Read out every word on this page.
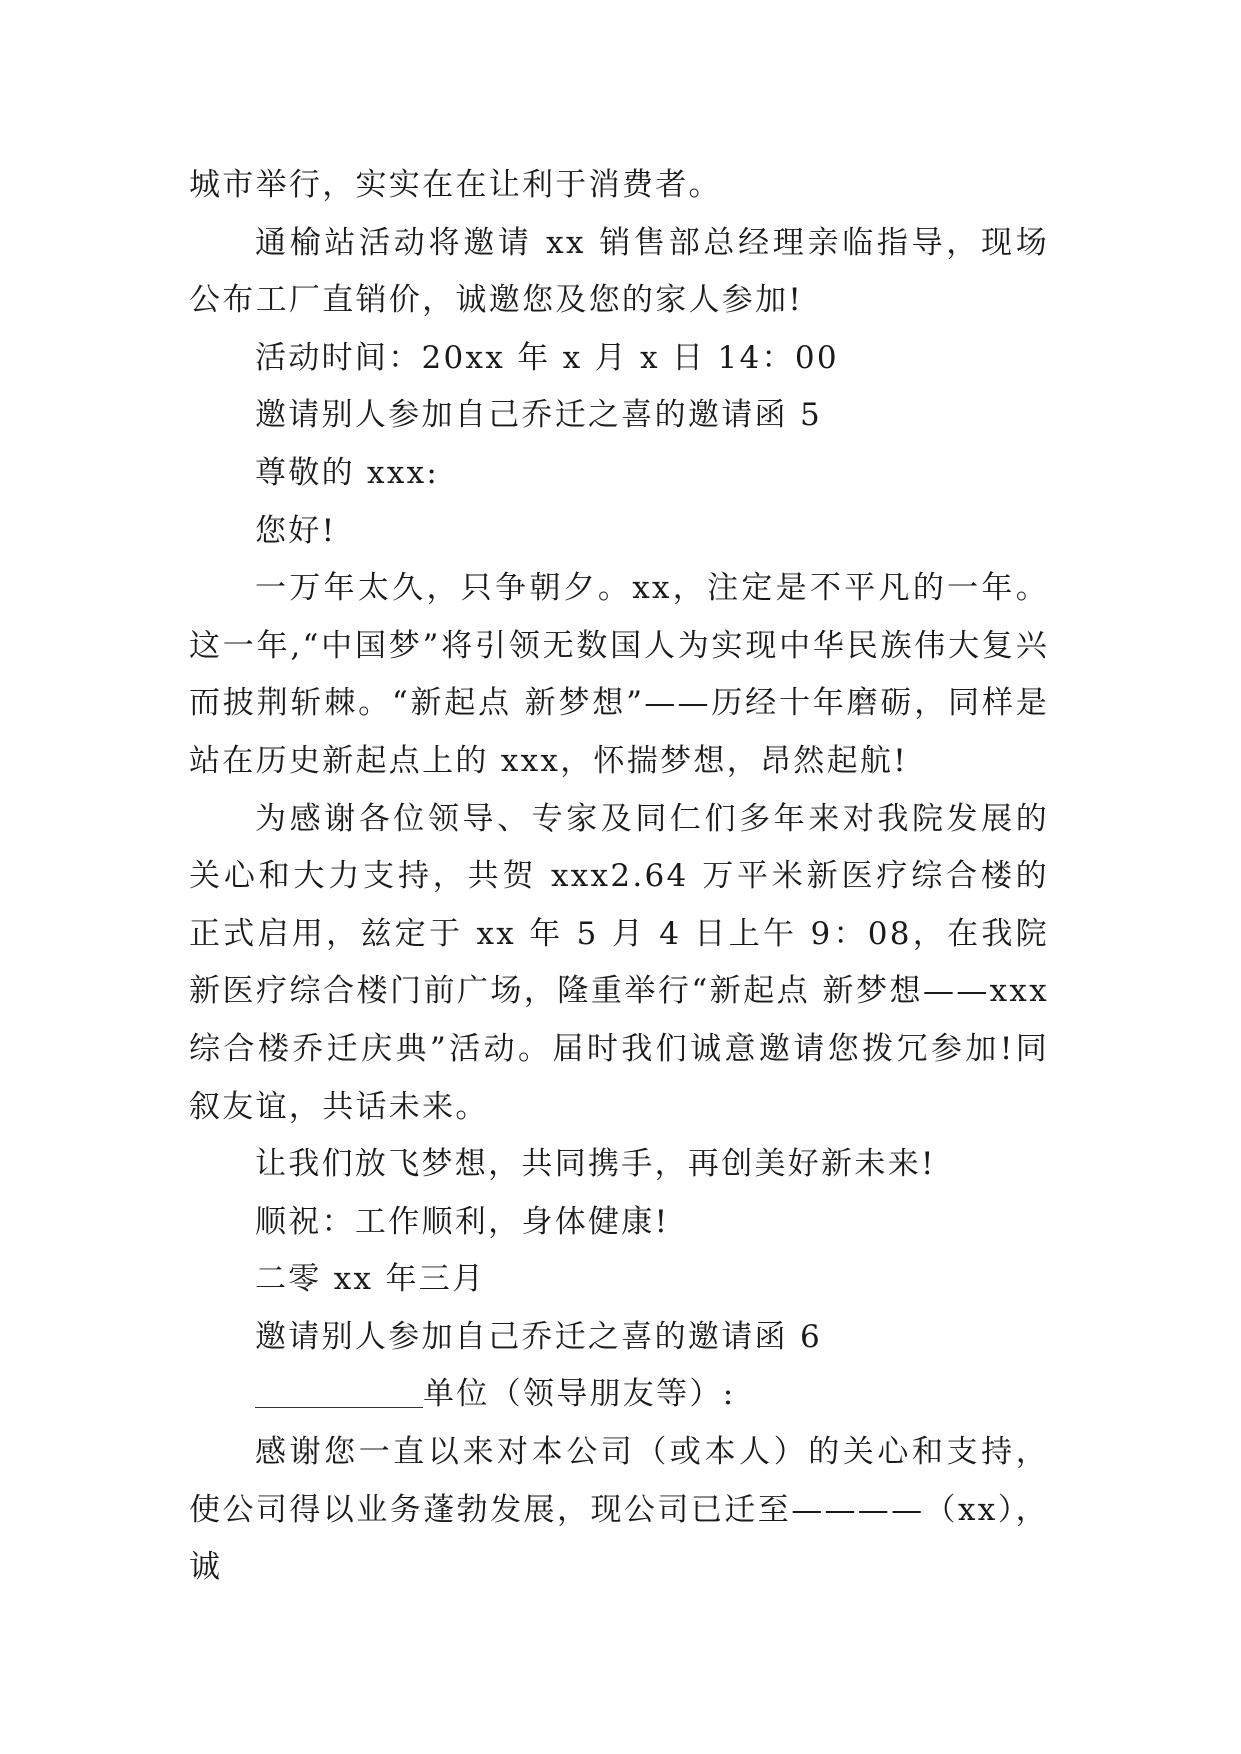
城市举行，实实在在让利于消费者。

通榆站活动将邀请 xx 销售部总经理亲临指导，现场公布工厂直销价，诚邀您及您的家人参加!

活动时间：20xx 年 x 月 x 日 14：00

邀请别人参加自己乔迁之喜的邀请函 5

尊敬的 xxx:

您好!

一万年太久，只争朝夕。xx，注定是不平凡的一年。这一年,“中国梦”将引领无数国人为实现中华民族伟大复兴而披荆斩棘。“新起点 新梦想”——历经十年磨砺，同样是站在历史新起点上的 xxx，怀揣梦想，昂然起航!

为感谢各位领导、专家及同仁们多年来对我院发展的关心和大力支持，共贺 xxx2.64 万平米新医疗综合楼的正式启用，兹定于 xx 年 5 月 4 日上午 9：08，在我院新医疗综合楼门前广场，隆重举行“新起点 新梦想——xxx 综合楼乔迁庆典”活动。届时我们诚意邀请您拨冗参加!同叙友谊，共话未来。

让我们放飞梦想，共同携手，再创美好新未来!

顺祝：工作顺利，身体健康!

二零 xx 年三月

邀请别人参加自己乔迁之喜的邀请函 6

单位（领导朋友等）:

感谢您一直以来对本公司（或本人）的关心和支持，使公司得以业务蓬勃发展，现公司已迁至————（xx），诚
